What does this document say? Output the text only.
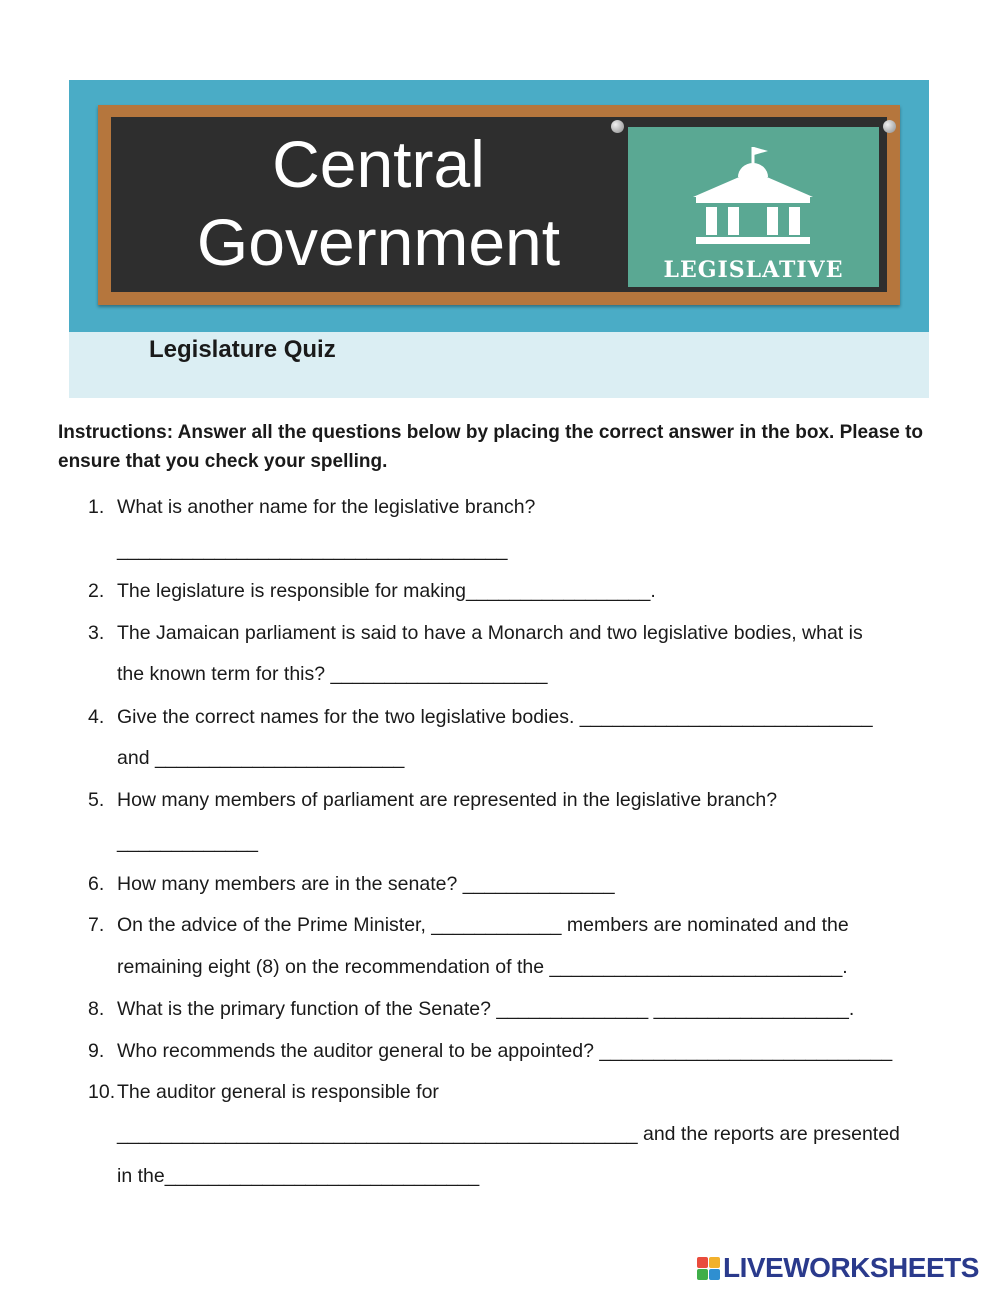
Central
Government	LEGISLATIVE
Legislature Quiz
Instructions: Answer all the questions below by placing the correct answer in the box. Please to ensure that you check your spelling.
1. What is another name for the legislative branch?
____________________________________
2. The legislature is responsible for making_________________.
3. The Jamaican parliament is said to have a Monarch and two legislative bodies, what is
the known term for this? ____________________
4. Give the correct names for the two legislative bodies. ___________________________
and _______________________
5. How many members of parliament are represented in the legislative branch?
_____________
6. How many members are in the senate? ______________
7. On the advice of the Prime Minister, ____________ members are nominated and the
remaining eight (8) on the recommendation of the ___________________________.
8. What is the primary function of the Senate? ______________ __________________.
9. Who recommends the auditor general to be appointed? ___________________________
10.The auditor general is responsible for
________________________________________________ and the reports are presented
in the_____________________________
LIVEWORKSHEETS
